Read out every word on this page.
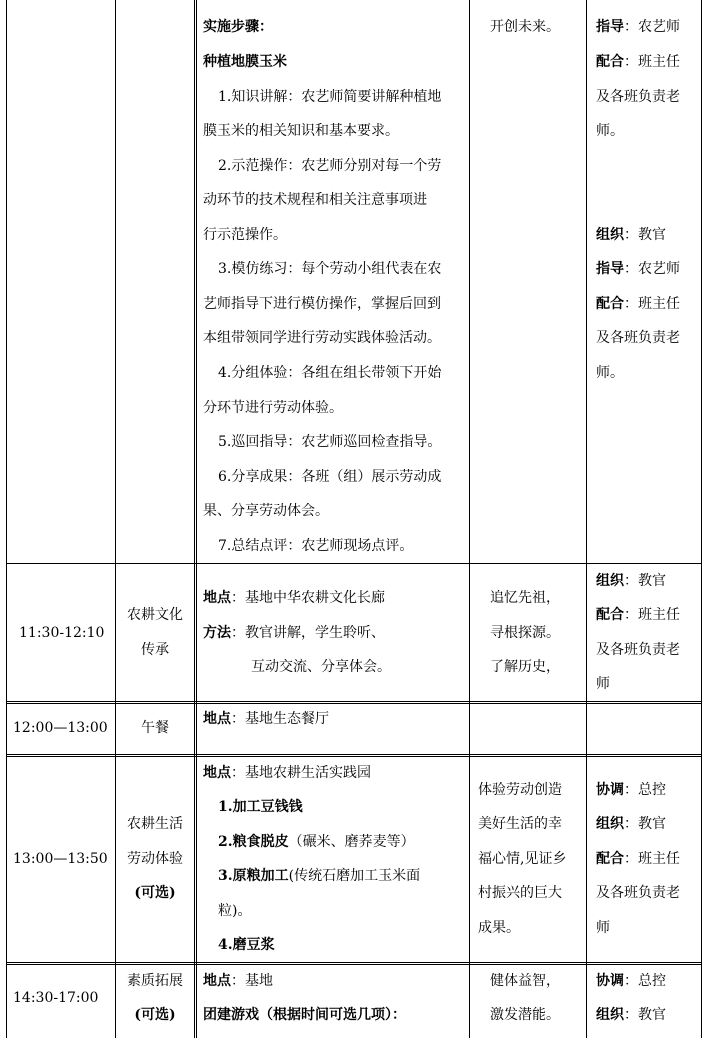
实施步骤：
种植地膜玉米
1.知识讲解：农艺师简要讲解种植地
膜玉米的相关知识和基本要求。
2.示范操作：农艺师分别对每一个劳
动环节的技术规程和相关注意事项进
行示范操作。
3.模仿练习：每个劳动小组代表在农
艺师指导下进行模仿操作，掌握后回到
本组带领同学进行劳动实践体验活动。
4.分组体验：各组在组长带领下开始
分环节进行劳动体验。
5.巡回指导：农艺师巡回检查指导。
6.分享成果：各班（组）展示劳动成
果、分享劳动体会。
7.总结点评：农艺师现场点评。
开创未来。	指导：农艺师
配合：班主任
及各班负责老
师。
组织：教官
指导：农艺师
配合：班主任
及各班负责老
师。
11:30-12:10
农耕文化
传承
地点：基地中华农耕文化长廊
方法：教官讲解，学生聆听、
互动交流、分享体会。
追忆先祖，
寻根探源。
了解历史，
组织：教官
配合：班主任
及各班负责老
师
12:00—13:00	午餐
地点：基地生态餐厅
13:00—13:50
农耕生活
劳动体验
(可选)
地点：基地农耕生活实践园
1.加工豆钱钱
2.粮食脱皮（碾米、磨荞麦等）
3.原粮加工(传统石磨加工玉米面
粒)。
4.磨豆浆
体验劳动创造
美好生活的幸
福心情,见证乡
村振兴的巨大
成果。
协调：总控
组织：教官
配合：班主任
及各班负责老
师
14:30-17:00
素质拓展
(可选)
地点：基地
团建游戏（根据时间可选几项）：
健体益智，
激发潜能。
协调：总控
组织：教官
